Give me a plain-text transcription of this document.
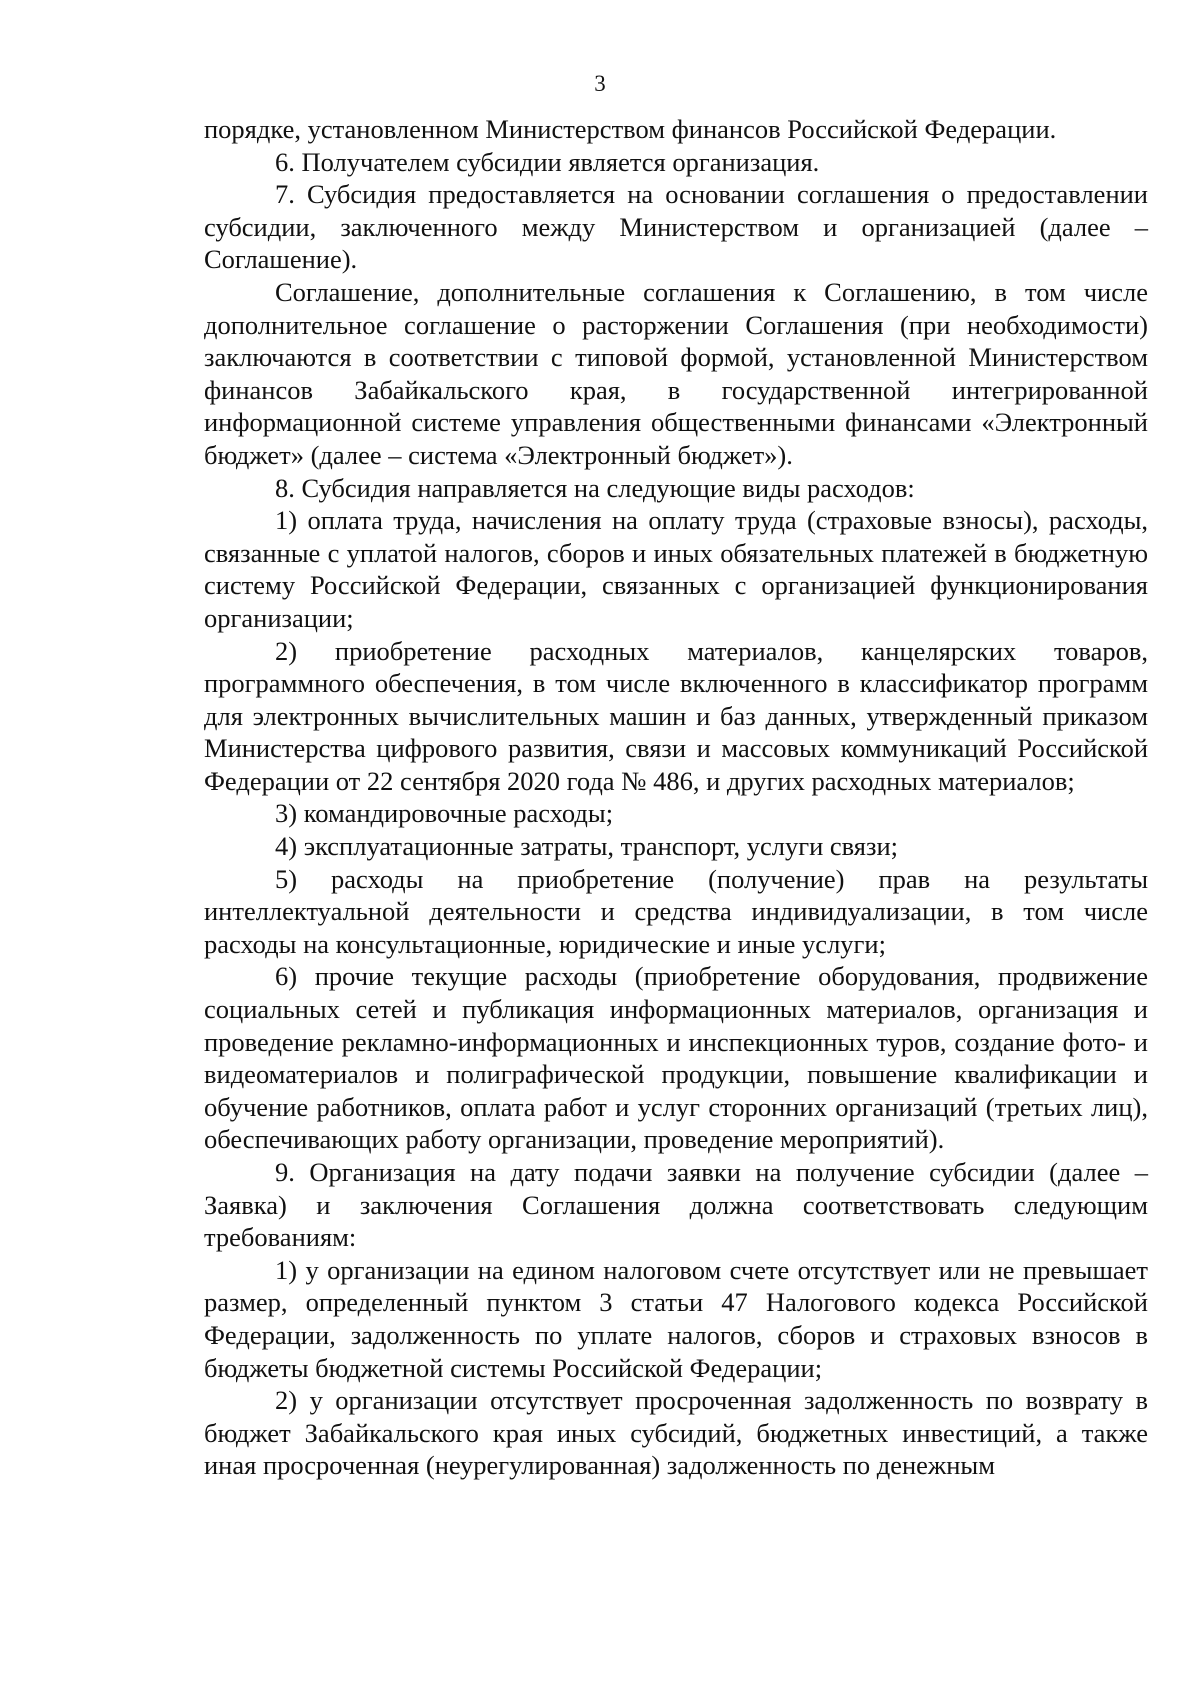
3

порядке, установленном Министерством финансов Российской Федерации.

6. Получателем субсидии является организация.

7. Субсидия предоставляется на основании соглашения о предоставлении субсидии, заключенного между Министерством и организацией (далее – Соглашение).

Соглашение, дополнительные соглашения к Соглашению, в том числе дополнительное соглашение о расторжении Соглашения (при необходимости) заключаются в соответствии с типовой формой, установленной Министерством финансов Забайкальского края, в государственной интегрированной информационной системе управления общественными финансами «Электронный бюджет» (далее – система «Электронный бюджет»).

8. Субсидия направляется на следующие виды расходов:

1) оплата труда, начисления на оплату труда (страховые взносы), расходы, связанные с уплатой налогов, сборов и иных обязательных платежей в бюджетную систему Российской Федерации, связанных с организацией функционирования организации;

2) приобретение расходных материалов, канцелярских товаров, программного обеспечения, в том числе включенного в классификатор программ для электронных вычислительных машин и баз данных, утвержденный приказом Министерства цифрового развития, связи и массовых коммуникаций Российской Федерации от 22 сентября 2020 года № 486, и других расходных материалов;

3) командировочные расходы;

4) эксплуатационные затраты, транспорт, услуги связи;

5) расходы на приобретение (получение) прав на результаты интеллектуальной деятельности и средства индивидуализации, в том числе расходы на консультационные, юридические и иные услуги;

6) прочие текущие расходы (приобретение оборудования, продвижение социальных сетей и публикация информационных материалов, организация и проведение рекламно-информационных и инспекционных туров, создание фото- и видеоматериалов и полиграфической продукции, повышение квалификации и обучение работников, оплата работ и услуг сторонних организаций (третьих лиц), обеспечивающих работу организации, проведение мероприятий).

9. Организация на дату подачи заявки на получение субсидии (далее – Заявка) и заключения Соглашения должна соответствовать следующим требованиям:

1) у организации на едином налоговом счете отсутствует или не превышает размер, определенный пунктом 3 статьи 47 Налогового кодекса Российской Федерации, задолженность по уплате налогов, сборов и страховых взносов в бюджеты бюджетной системы Российской Федерации;

2) у организации отсутствует просроченная задолженность по возврату в бюджет Забайкальского края иных субсидий, бюджетных инвестиций, а также иная просроченная (неурегулированная) задолженность по денежным
